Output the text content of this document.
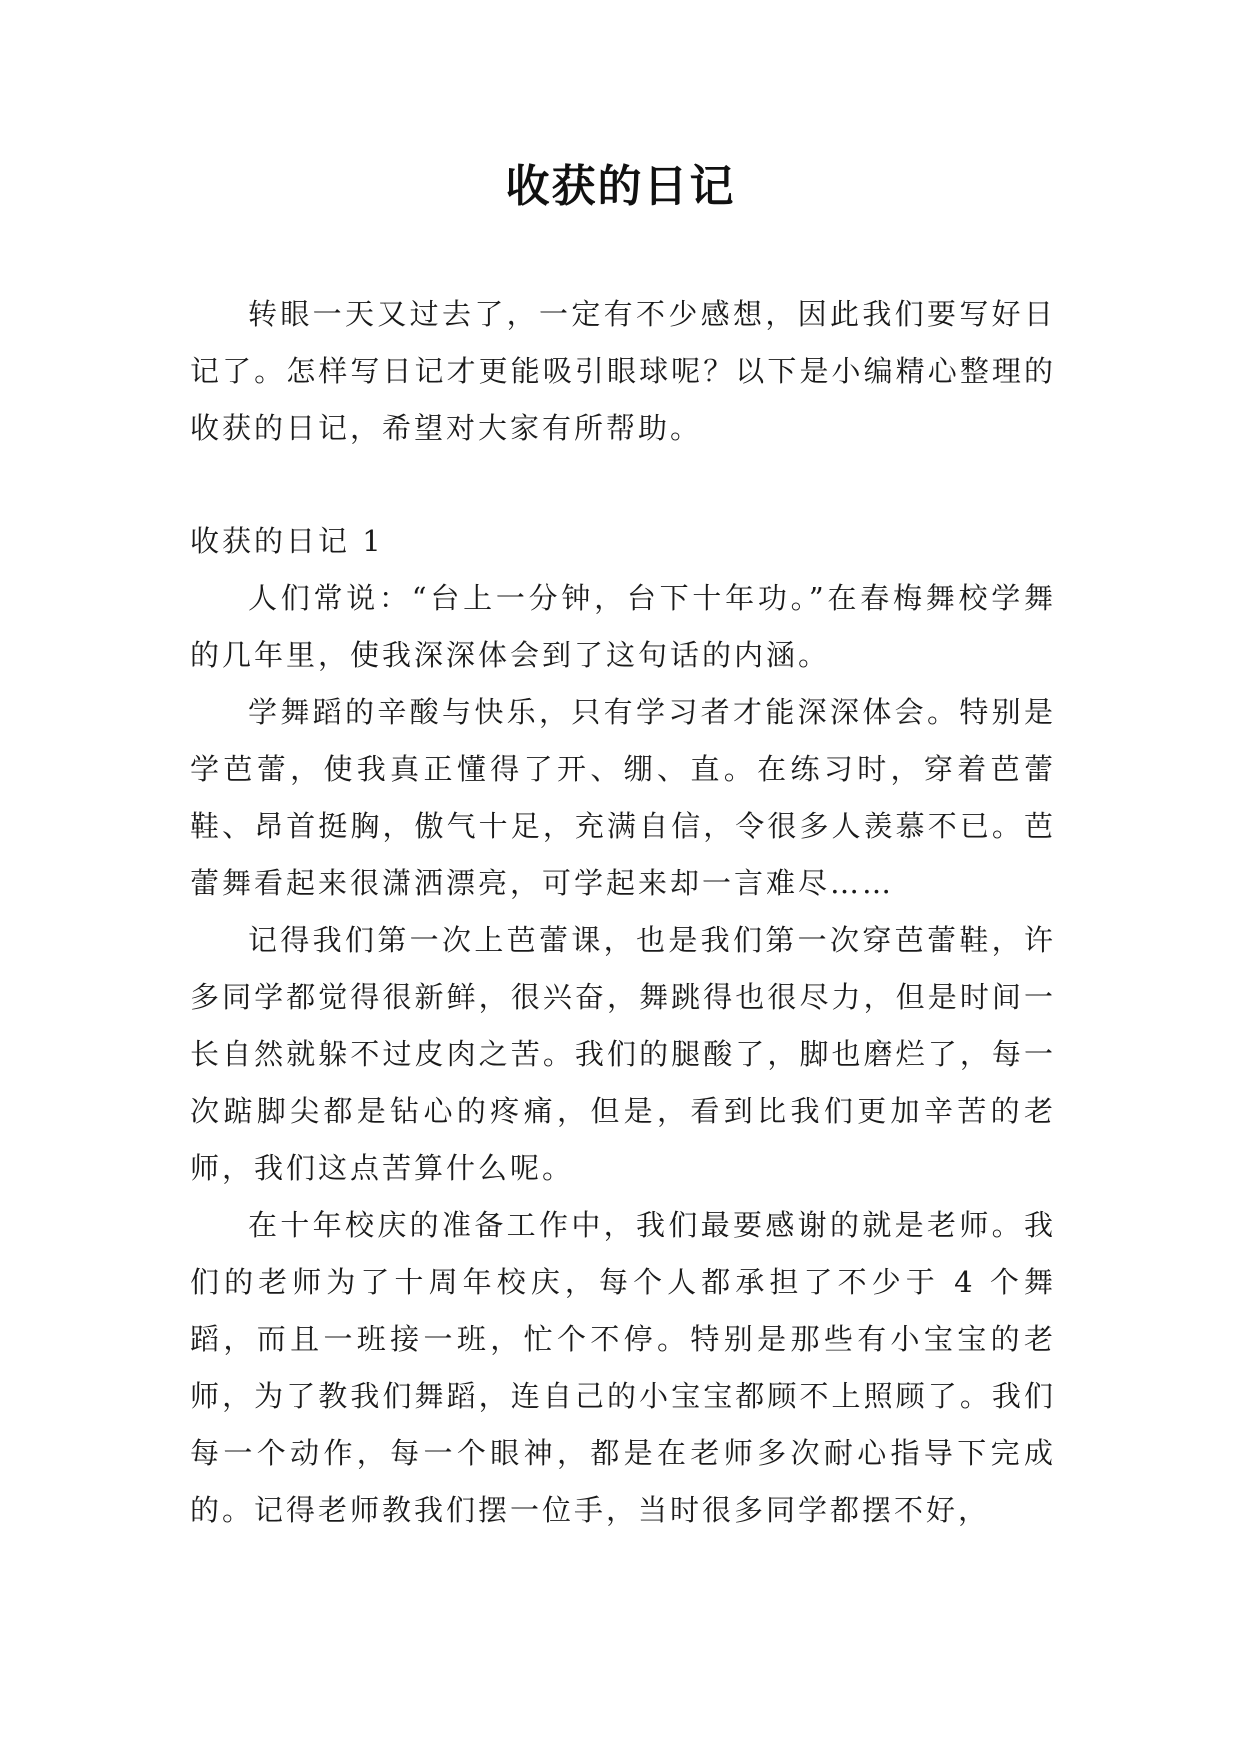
收获的日记

转眼一天又过去了，一定有不少感想，因此我们要写好日记了。怎样写日记才更能吸引眼球呢？以下是小编精心整理的收获的日记，希望对大家有所帮助。

收获的日记 1

人们常说：“台上一分钟，台下十年功。”在春梅舞校学舞的几年里，使我深深体会到了这句话的内涵。

学舞蹈的辛酸与快乐，只有学习者才能深深体会。特别是学芭蕾，使我真正懂得了开、绷、直。在练习时，穿着芭蕾鞋、昂首挺胸，傲气十足，充满自信，令很多人羡慕不已。芭蕾舞看起来很潇洒漂亮，可学起来却一言难尽……

记得我们第一次上芭蕾课，也是我们第一次穿芭蕾鞋，许多同学都觉得很新鲜，很兴奋，舞跳得也很尽力，但是时间一长自然就躲不过皮肉之苦。我们的腿酸了，脚也磨烂了，每一次踮脚尖都是钻心的疼痛，但是，看到比我们更加辛苦的老师，我们这点苦算什么呢。

在十年校庆的准备工作中，我们最要感谢的就是老师。我们的老师为了十周年校庆，每个人都承担了不少于 4 个舞蹈，而且一班接一班，忙个不停。特别是那些有小宝宝的老师，为了教我们舞蹈，连自己的小宝宝都顾不上照顾了。我们每一个动作，每一个眼神，都是在老师多次耐心指导下完成的。记得老师教我们摆一位手，当时很多同学都摆不好，
